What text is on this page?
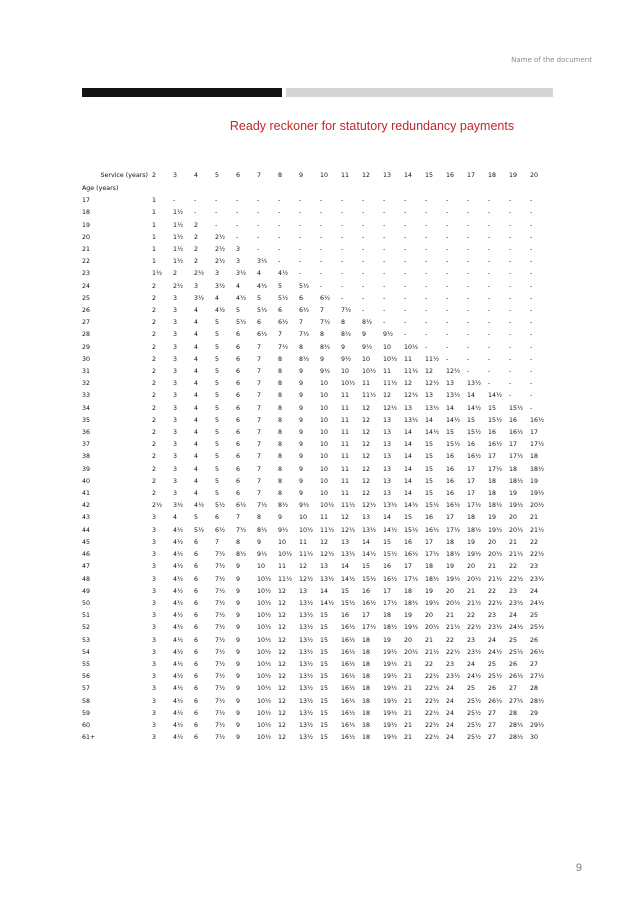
Name of the document
Ready reckoner for statutory redundancy payments
Service (years)	2	3	4	5	6	7	8	9	10	11	12	13	14	15	16	17	18	19	20
Age (years)																			
17	1	-	-	-	-	-	-	-	-	-	-	-	-	-	-	-	-	-	-
18	1	1½	-	-	-	-	-	-	-	-	-	-	-	-	-	-	-	-	-
19	1	1½	2	-	-	-	-	-	-	-	-	-	-	-	-	-	-	-	-
20	1	1½	2	2½	-	-	-	-	-	-	-	-	-	-	-	-	-	-	-
21	1	1½	2	2½	3	-	-	-	-	-	-	-	-	-	-	-	-	-	-
22	1	1½	2	2½	3	3½	-	-	-	-	-	-	-	-	-	-	-	-	-
23	1½	2	2½	3	3½	4	4½	-	-	-	-	-	-	-	-	-	-	-	-
24	2	2½	3	3½	4	4½	5	5½	-	-	-	-	-	-	-	-	-	-	-
25	2	3	3½	4	4½	5	5½	6	6½	-	-	-	-	-	-	-	-	-	-
26	2	3	4	4½	5	5½	6	6½	7	7½	-	-	-	-	-	-	-	-	-
27	2	3	4	5	5½	6	6½	7	7½	8	8½	-	-	-	-	-	-	-	-
28	2	3	4	5	6	6½	7	7½	8	8½	9	9½	-	-	-	-	-	-	-
29	2	3	4	5	6	7	7½	8	8½	9	9½	10	10½	-	-	-	-	-	-
30	2	3	4	5	6	7	8	8½	9	9½	10	10½	11	11½	-	-	-	-	-
31	2	3	4	5	6	7	8	9	9½	10	10½	11	11½	12	12½	-	-	-	-
32	2	3	4	5	6	7	8	9	10	10½	11	11½	12	12½	13	13½	-	-	-
33	2	3	4	5	6	7	8	9	10	11	11½	12	12½	13	13½	14	14½	-	-
34	2	3	4	5	6	7	8	9	10	11	12	12½	13	13½	14	14½	15	15½	-
35	2	3	4	5	6	7	8	9	10	11	12	13	13½	14	14½	15	15½	16	16½
36	2	3	4	5	6	7	8	9	10	11	12	13	14	14½	15	15½	16	16½	17
37	2	3	4	5	6	7	8	9	10	11	12	13	14	15	15½	16	16½	17	17½
38	2	3	4	5	6	7	8	9	10	11	12	13	14	15	16	16½	17	17½	18
39	2	3	4	5	6	7	8	9	10	11	12	13	14	15	16	17	17½	18	18½
40	2	3	4	5	6	7	8	9	10	11	12	13	14	15	16	17	18	18½	19
41	2	3	4	5	6	7	8	9	10	11	12	13	14	15	16	17	18	19	19½
42	2½	3½	4½	5½	6½	7½	8½	9½	10½	11½	12½	13½	14½	15½	16½	17½	18½	19½	20½
43	3	4	5	6	7	8	9	10	11	12	13	14	15	16	17	18	19	20	21
44	3	4½	5½	6½	7½	8½	9½	10½	11½	12½	13½	14½	15½	16½	17½	18½	19½	20½	21½
45	3	4½	6	7	8	9	10	11	12	13	14	15	16	17	18	19	20	21	22
46	3	4½	6	7½	8½	9½	10½	11½	12½	13½	14½	15½	16½	17½	18½	19½	20½	21½	22½
47	3	4½	6	7½	9	10	11	12	13	14	15	16	17	18	19	20	21	22	23
48	3	4½	6	7½	9	10½	11½	12½	13½	14½	15½	16½	17½	18½	19½	20½	21½	22½	23½
49	3	4½	6	7½	9	10½	12	13	14	15	16	17	18	19	20	21	22	23	24
50	3	4½	6	7½	9	10½	12	13½	14½	15½	16½	17½	18½	19½	20½	21½	22½	23½	24½
51	3	4½	6	7½	9	10½	12	13½	15	16	17	18	19	20	21	22	23	24	25
52	3	4½	6	7½	9	10½	12	13½	15	16½	17½	18½	19½	20½	21½	22½	23½	24½	25½
53	3	4½	6	7½	9	10½	12	13½	15	16½	18	19	20	21	22	23	24	25	26
54	3	4½	6	7½	9	10½	12	13½	15	16½	18	19½	20½	21½	22½	23½	24½	25½	26½
55	3	4½	6	7½	9	10½	12	13½	15	16½	18	19½	21	22	23	24	25	26	27
56	3	4½	6	7½	9	10½	12	13½	15	16½	18	19½	21	22½	23½	24½	25½	26½	27½
57	3	4½	6	7½	9	10½	12	13½	15	16½	18	19½	21	22½	24	25	26	27	28
58	3	4½	6	7½	9	10½	12	13½	15	16½	18	19½	21	22½	24	25½	26½	27½	28½
59	3	4½	6	7½	9	10½	12	13½	15	16½	18	19½	21	22½	24	25½	27	28	29
60	3	4½	6	7½	9	10½	12	13½	15	16½	18	19½	21	22½	24	25½	27	28½	29½
61+	3	4½	6	7½	9	10½	12	13½	15	16½	18	19½	21	22½	24	25½	27	28½	30
9
